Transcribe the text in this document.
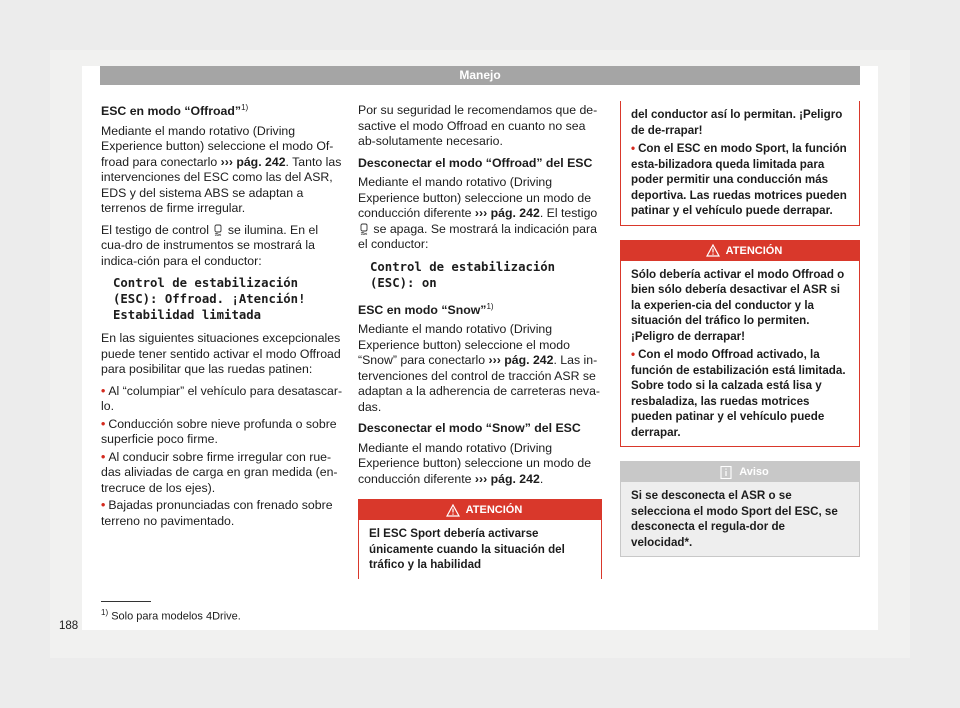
Manejo

ESC en modo “Offroad”$^{1)}$

Mediante el mando rotativo (Driving Experience button) seleccione el modo Of-froad para conectarlo ››› pág. 242. Tanto las intervenciones del ESC como las del ASR, EDS y del sistema ABS se adaptan a terrenos de firme irregular.

El testigo de control  se ilumina. En el cua-dro de instrumentos se mostrará la indica-ción para el conductor:

Control de estabilización (ESC): Offroad. ¡Atención! Estabilidad limitada

En las siguientes situaciones excepcionales puede tener sentido activar el modo Offroad para posibilitar que las ruedas patinen:

• Al “columpiar” el vehículo para desatascar-lo.

• Conducción sobre nieve profunda o sobre superficie poco firme.

• Al conducir sobre firme irregular con rue-das aliviadas de carga en gran medida (en-trecruce de los ejes).

• Bajadas pronunciadas con frenado sobre terreno no pavimentado.

Por su seguridad le recomendamos que de-sactive el modo Offroad en cuanto no sea ab-solutamente necesario.

Desconectar el modo “Offroad” del ESC

Mediante el mando rotativo (Driving Experience button) seleccione un modo de conducción diferente ››› pág. 242. El testigo
se apaga. Se mostrará la indicación para el conductor:

Control de estabilización (ESC): on

ESC en modo “Snow”$^{1)}$

Mediante el mando rotativo (Driving Experience button) seleccione el modo “Snow” para conectarlo ››› pág. 242. Las in-tervenciones del control de tracción ASR se adaptan a la adherencia de carreteras neva-das.

Desconectar el modo “Snow” del ESC

Mediante el mando rotativo (Driving Experience button) seleccione un modo de conducción diferente ››› pág. 242.

ATENCIÓN
El ESC Sport debería activarse únicamente cuando la situación del tráfico y la habilidad

del conductor así lo permitan. ¡Peligro de de-rrapar!

• Con el ESC en modo Sport, la función esta-bilizadora queda limitada para poder permitir una conducción más deportiva. Las ruedas motrices pueden patinar y el vehículo puede derrapar.

ATENCIÓN

Sólo debería activar el modo Offroad o bien sólo debería desactivar el ASR si la experien-cia del conductor y la situación del tráfico lo permiten. ¡Peligro de derrapar!

• Con el modo Offroad activado, la función de estabilización está limitada. Sobre todo si la calzada está lisa y resbaladiza, las ruedas motrices pueden patinar y el vehículo puede derrapar.

Aviso
Si se desconecta el ASR o se selecciona el modo Sport del ESC, se desconecta el regula-dor de velocidad*.
$^{1)}$ Solo para modelos 4Drive.
188
